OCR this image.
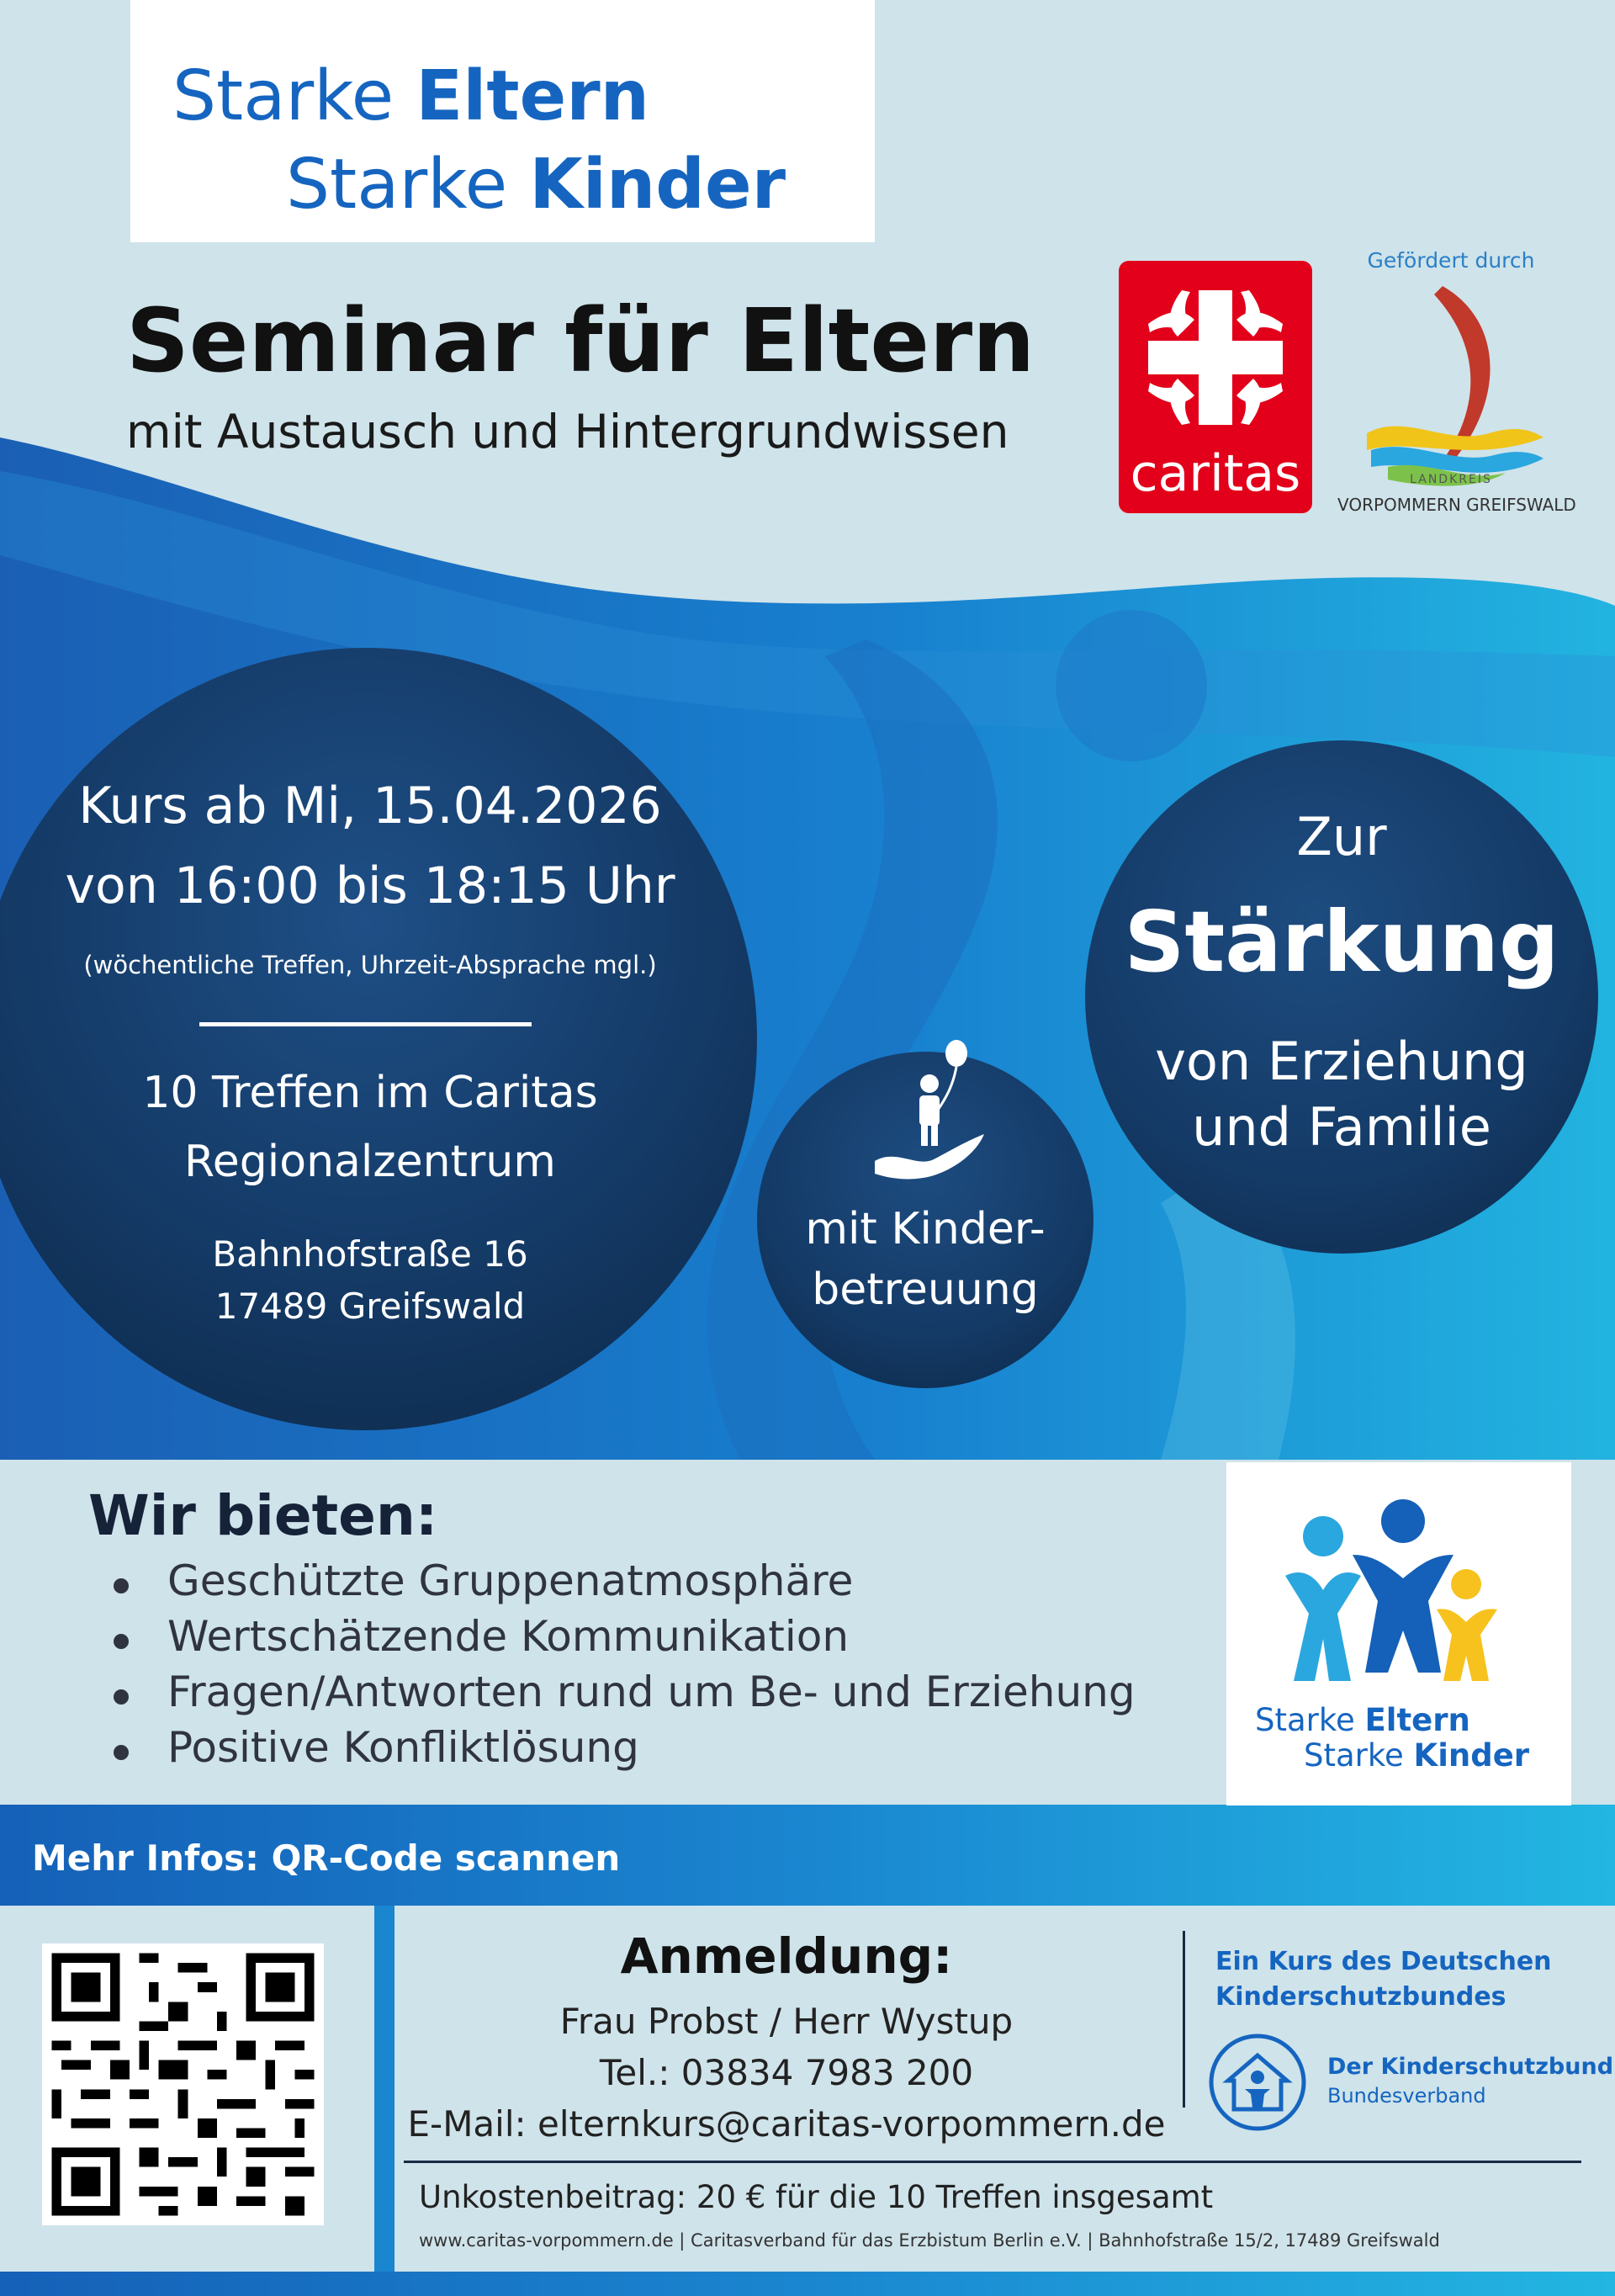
Starke Eltern
Starke Kinder
Seminar für Eltern
mit Austausch und Hintergrundwissen
caritas
Gefördert durch
LANDKREIS
VORPOMMERN GREIFSWALD
Kurs ab Mi, 15.04.2026
von 16:00 bis 18:15 Uhr
(wöchentliche Treffen, Uhrzeit-Absprache mgl.)
10 Treffen im Caritas
Regionalzentrum
Bahnhofstraße 16
17489 Greifswald
mit Kinder-
betreuung
Zur
Stärkung
von Erziehung
und Familie
Wir bieten:
Geschützte Gruppenatmosphäre
Wertschätzende Kommunikation
Fragen/Antworten rund um Be- und Erziehung
Positive Konfliktlösung
Starke Eltern
Starke Kinder
Mehr Infos: QR-Code scannen
Anmeldung:
Frau Probst / Herr Wystup
Tel.: 03834 7983 200
E-Mail: elternkurs@caritas-vorpommern.de
Ein Kurs des Deutschen
Kinderschutzbundes
Der Kinderschutzbund
Bundesverband
Unkostenbeitrag: 20 € für die 10 Treffen insgesamt
www.caritas-vorpommern.de | Caritasverband für das Erzbistum Berlin e.V. | Bahnhofstraße 15/2, 17489 Greifswald
